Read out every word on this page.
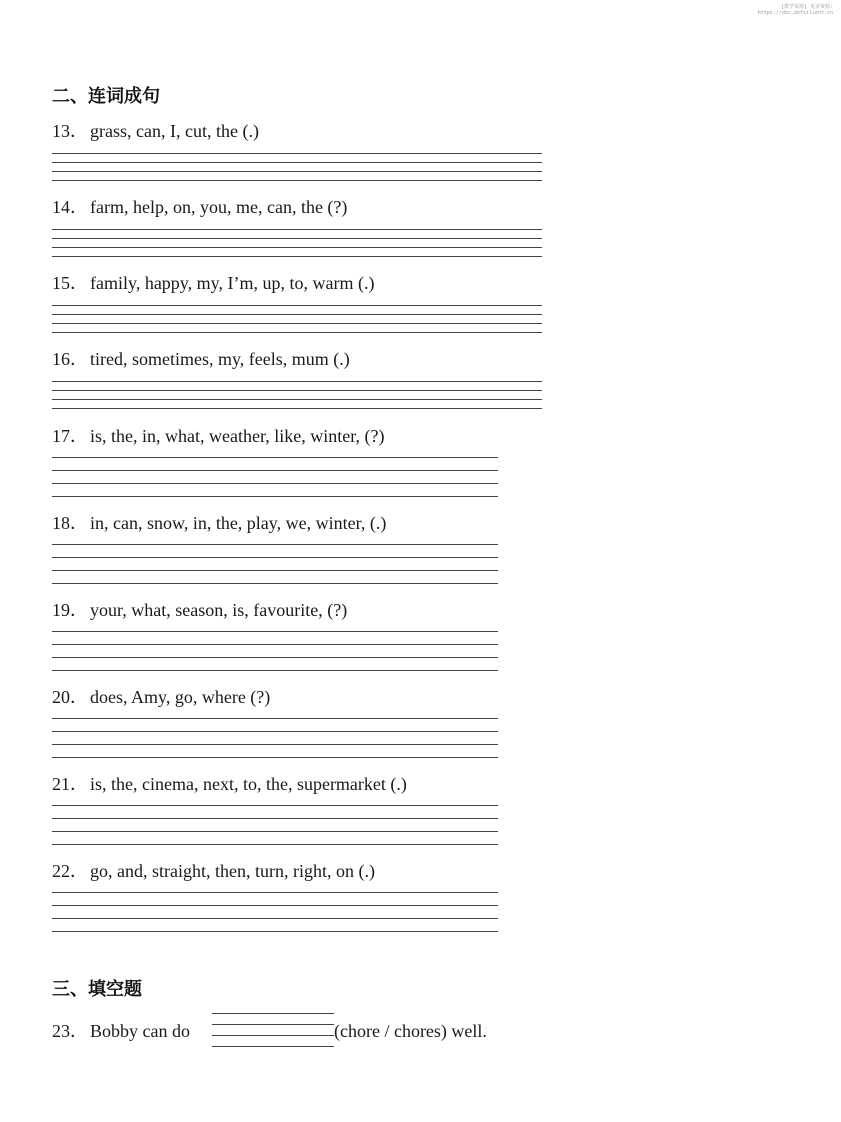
[教学资源] 更多资源:
https://doc.dofsilient.cn
二、连词成句
13． grass, can, I, cut, the (.)
14． farm, help, on, you, me, can, the (?)
15． family, happy, my, I’m, up, to, warm (.)
16． tired, sometimes, my, feels, mum (.)
17． is, the, in, what, weather, like, winter, (?)
18． in, can, snow, in, the, play, we, winter, (.)
19． your, what, season, is, favourite, (?)
20． does, Amy, go, where (?)
21． is, the, cinema, next, to, the, supermarket (.)
22． go, and, straight, then, turn, right, on (.)
三、填空题
23． Bobby can do	(chore / chores) well.
